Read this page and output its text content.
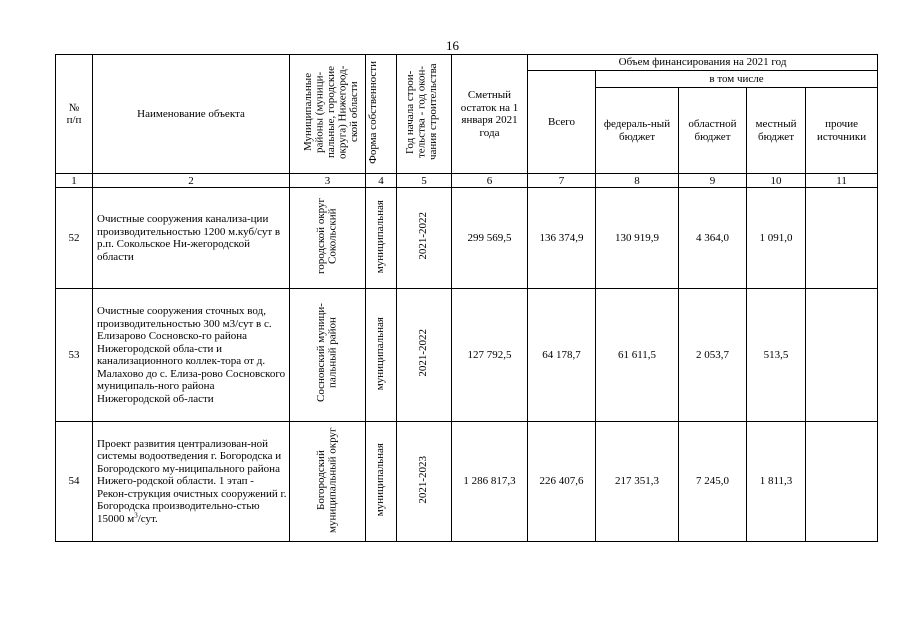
16
№
п/п	Наименование объекта	Муниципальные районы (муници-пальные, городские округа) Нижегород-ской области	Форма собственности	Год начала строи-тельства - год окон-чания строительства	Сметный остаток на 1 января 2021 года	Объем финансирования на 2021 год				
						Всего	в том числе			
							федераль-ный бюджет	областной бюджет	местный бюджет	прочие источники
1	2	3	4	5	6	7	8	9	10	11
52	Очистные сооружения канализа-ции производительностью 1200 м.куб/сут в р.п. Сокольское Ни-жегородской области	городской округ Сокольский	муниципальная	2021-2022	299 569,5	136 374,9	130 919,9	4 364,0	1 091,0	
53	Очистные сооружения сточных вод, производительностью 300 м3/сут в с. Елизарово Сосновско-го района Нижегородской обла-сти и канализационного коллек-тора от д. Малахово до с. Елиза-рово Сосновского муниципаль-ного района Нижегородской об-ласти	Сосновский муници-пальный район	муниципальная	2021-2022	127 792,5	64 178,7	61 611,5	2 053,7	513,5	
54	Проект развития централизован-ной системы водоотведения г. Богородска и Богородского му-ниципального района Нижего-родской области. 1 этап - Рекон-струкция очистных сооружений г. Богородска производительно-стью 15000 $м^3$/сут.	Богородский муниципальный округ	муниципальная	2021-2023	1 286 817,3	226 407,6	217 351,3	7 245,0	1 811,3	
